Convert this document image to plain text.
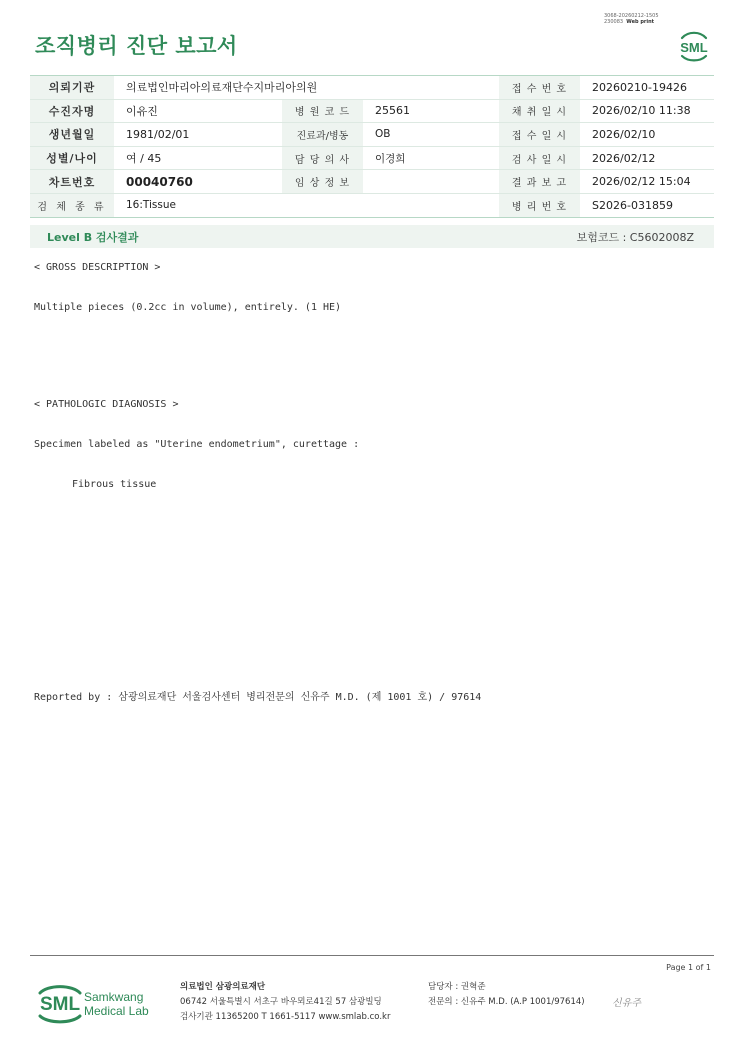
3068-20260212-1505
230083 Web print
조직병리 진단 보고서	SML
의뢰기관	의료법인마리아의료재단수지마리아의원			접 수 번 호	20260210-19426
수진자명	이유진	병 원 코 드	25561	채 취 일 시	2026/02/10 11:38
생년월일	1981/02/01	진료과/병동	OB	접 수 일 시	2026/02/10
성별/나이	여 / 45	담 당 의 사	이경희	검 사 일 시	2026/02/12
차트번호	00040760	임 상 정 보		결 과 보 고	2026/02/12 15:04
검 체 종 류	16:Tissue			병 리 번 호	S2026-031859
Level B 검사결과	보험코드 : C5602008Z
< GROSS DESCRIPTION >
Multiple pieces (0.2cc in volume), entirely. (1 HE)
< PATHOLOGIC DIAGNOSIS >
Specimen labeled as "Uterine endometrium", curettage :
Fibrous tissue
Reported by : 삼광의료재단 서울검사센터 병리전문의 신유주 M.D. (제 1001 호) / 97614
Page 1 of 1
SML Samkwang
Medical Lab
의료법인 삼광의료재단
06742 서울특별시 서초구 바우뫼로41길 57 삼광빌딩
검사기관 11365200 T 1661-5117 www.smlab.co.kr
담당자 : 권혁준
전문의 : 신유주 M.D. (A.P 1001/97614)	신유주
